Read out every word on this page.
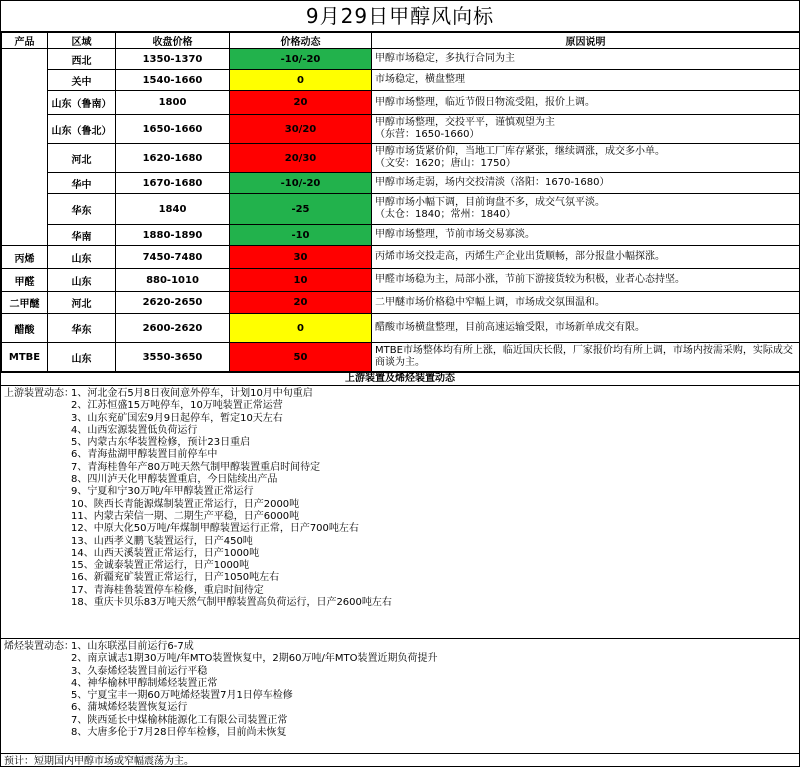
9月29日甲醇风向标
产品	区域	收盘价格	价格动态	原因说明
	西北	1350-1370	-10/-20	甲醇市场稳定，多执行合同为主

	关中	1540-1660	0	市场稳定，横盘整理

	山东（鲁南）	1800	20	甲醇市场整理，临近节假日物流受阻，报价上调。

	山东（鲁北）	1650-1660	30/20	甲醇市场整理，交投平平，谨慎观望为主
（东营：1650-1660）

	河北	1620-1680	20/30	甲醇市场货紧价仰，当地工厂库存紧张，继续调涨，成交多小单。
（文安：1620；唐山：1750）

	华中	1670-1680	-10/-20	甲醇市场走弱，场内交投清淡（洛阳：1670-1680）

	华东	1840	-25	甲醇市场小幅下调，目前询盘不多，成交气氛平淡。
（太仓：1840；常州：1840）

	华南	1880-1890	-10	甲醇市场整理，节前市场交易寡淡。

丙烯	山东	7450-7480	30	丙烯市场交投走高，丙烯生产企业出货顺畅，部分报盘小幅探涨。

甲醛	山东	880-1010	10	甲醛市场稳为主，局部小涨，节前下游接货较为积极，业者心态持坚。

二甲醚	河北	2620-2650	20	二甲醚市场价格稳中窄幅上调，市场成交氛围温和。

醋酸	华东	2600-2620	0	醋酸市场横盘整理，目前高速运输受限，市场新单成交有限。

MTBE	山东	3550-3650	50	MTBE市场整体均有所上涨，临近国庆长假，厂家报价均有所上调，市场内按需采购，实际成交商谈为主。
上游装置及烯烃装置动态
上游装置动态：1、河北金石5月8日夜间意外停车，计划10月中旬重启
2、江苏恒盛15万吨停车，10万吨装置正常运营
3、山东兖矿国宏9月9日起停车，暂定10天左右
4、山西宏源装置低负荷运行
5、内蒙古东华装置检修，预计23日重启
6、青海盐湖甲醇装置目前停车中
7、青海桂鲁年产80万吨天然气制甲醇装置重启时间待定
8、四川泸天化甲醇装置重启，今日陆续出产品
9、宁夏和宁30万吨/年甲醇装置正常运行
10、陕西长青能源煤制装置正常运行，日产2000吨
11、内蒙古荣信一期、二期生产平稳，日产6000吨
12、中原大化50万吨/年煤制甲醇装置运行正常，日产700吨左右
13、山西孝义鹏飞装置运行，日产450吨
14、山西天溪装置正常运行，日产1000吨
15、金诚泰装置正常运行，日产1000吨
16、新疆兖矿装置正常运行，日产1050吨左右
17、青海桂鲁装置停车检修，重启时间待定
18、重庆卡贝乐83万吨天然气制甲醇装置高负荷运行，日产2600吨左右
烯烃装置动态：1、山东联泓目前运行6-7成
2、南京诚志1期30万吨/年MTO装置恢复中，2期60万吨/年MTO装置近期负荷提升
3、久泰烯烃装置目前运行平稳
4、神华榆林甲醇制烯烃装置正常
5、宁夏宝丰一期60万吨烯烃装置7月1日停车检修
6、蒲城烯烃装置恢复运行
7、陕西延长中煤榆林能源化工有限公司装置正常
8、大唐多伦于7月28日停车检修，目前尚未恢复
预计：短期国内甲醇市场或窄幅震荡为主。
